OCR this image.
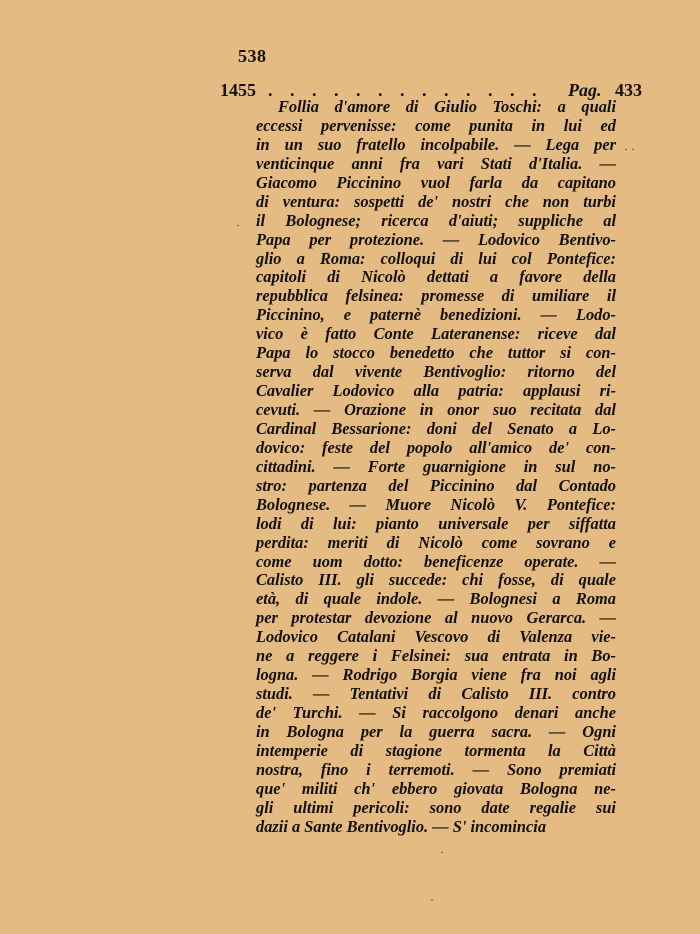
538
1455 . . . . . . . . . . . . . Pag. 433
Follia d'amore di Giulio Toschi: a quali
eccessi pervenisse: come punita in lui ed
in un suo fratello incolpabile. — Lega per
venticinque anni fra vari Stati d'Italia. —
Giacomo Piccinino vuol farla da capitano
di ventura: sospetti de' nostri che non turbi
il Bolognese; ricerca d'aiuti; suppliche al
Papa per protezione. — Lodovico Bentivo-
glio a Roma: colloqui di lui col Pontefice:
capitoli di Nicolò dettati a favore della
repubblica felsinea: promesse di umiliare il
Piccinino, e paternè benedizioni. — Lodo-
vico è fatto Conte Lateranense: riceve dal
Papa lo stocco benedetto che tuttor si con-
serva dal vivente Bentivoglio: ritorno del
Cavalier Lodovico alla patria: applausi ri-
cevuti. — Orazione in onor suo recitata dal
Cardinal Bessarione: doni del Senato a Lo-
dovico: feste del popolo all'amico de' con-
cittadini. — Forte guarnigione in sul no-
stro: partenza del Piccinino dal Contado
Bolognese. — Muore Nicolò V. Pontefice:
lodi di lui: pianto universale per siffatta
perdita: meriti di Nicolò come sovrano e
come uom dotto: beneficenze operate. —
Calisto III. gli succede: chi fosse, di quale
età, di quale indole. — Bolognesi a Roma
per protestar devozione al nuovo Gerarca. —
Lodovico Catalani Vescovo di Valenza vie-
ne a reggere i Felsinei: sua entrata in Bo-
logna. — Rodrigo Borgia viene fra noi agli
studi. — Tentativi di Calisto III. contro
de' Turchi. — Si raccolgono denari anche
in Bologna per la guerra sacra. — Ogni
intemperie di stagione tormenta la Città
nostra, fino i terremoti. — Sono premiati
que' militi ch' ebbero giovata Bologna ne-
gli ultimi pericoli: sono date regalie sui
dazii a Sante Bentivoglio. — S' incomincia
·
· ·
·
·
